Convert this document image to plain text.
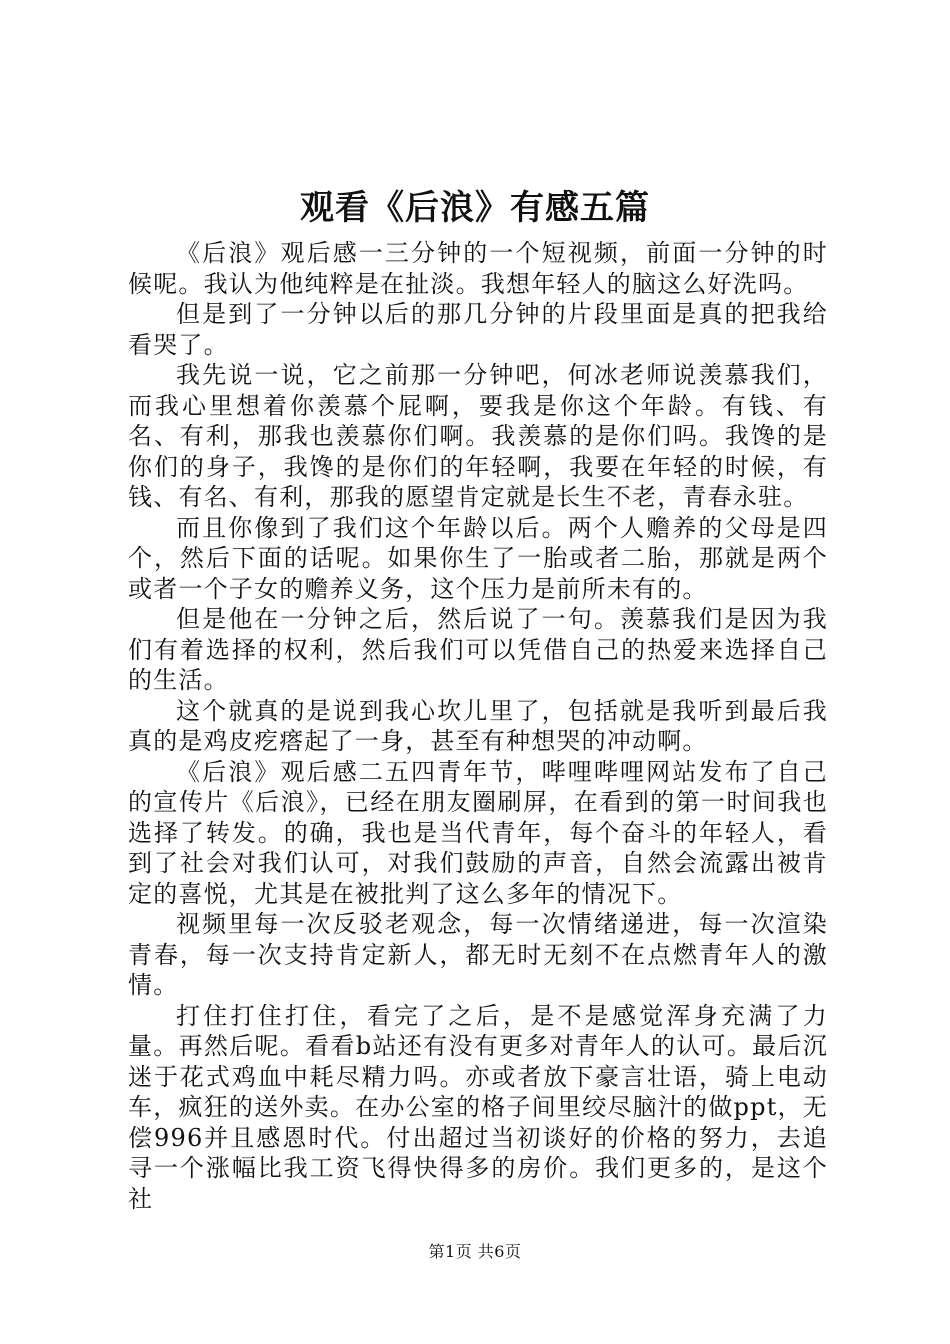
观看《后浪》有感五篇

《后浪》观后感一三分钟的一个短视频，前面一分钟的时候呢。我认为他纯粹是在扯淡。我想年轻人的脑这么好洗吗。

但是到了一分钟以后的那几分钟的片段里面是真的把我给看哭了。

我先说一说，它之前那一分钟吧，何冰老师说羡慕我们，而我心里想着你羡慕个屁啊，要我是你这个年龄。有钱、有名、有利，那我也羡慕你们啊。我羡慕的是你们吗。我馋的是你们的身子，我馋的是你们的年轻啊，我要在年轻的时候，有钱、有名、有利，那我的愿望肯定就是长生不老，青春永驻。

而且你像到了我们这个年龄以后。两个人赡养的父母是四个，然后下面的话呢。如果你生了一胎或者二胎，那就是两个或者一个子女的赡养义务，这个压力是前所未有的。

但是他在一分钟之后，然后说了一句。羡慕我们是因为我们有着选择的权利，然后我们可以凭借自己的热爱来选择自己的生活。

这个就真的是说到我心坎儿里了，包括就是我听到最后我真的是鸡皮疙瘩起了一身，甚至有种想哭的冲动啊。

《后浪》观后感二五四青年节，哔哩哔哩网站发布了自己的宣传片《后浪》，已经在朋友圈刷屏，在看到的第一时间我也选择了转发。的确，我也是当代青年，每个奋斗的年轻人，看到了社会对我们认可，对我们鼓励的声音，自然会流露出被肯定的喜悦，尤其是在被批判了这么多年的情况下。

视频里每一次反驳老观念，每一次情绪递进，每一次渲染青春，每一次支持肯定新人，都无时无刻不在点燃青年人的激情。

打住打住打住，看完了之后，是不是感觉浑身充满了力量。再然后呢。看看b站还有没有更多对青年人的认可。最后沉迷于花式鸡血中耗尽精力吗。亦或者放下豪言壮语，骑上电动车，疯狂的送外卖。在办公室的格子间里绞尽脑汁的做ppt，无偿996并且感恩时代。付出超过当初谈好的价格的努力，去追寻一个涨幅比我工资飞得快得多的房价。我们更多的，是这个社

第1页 共6页
